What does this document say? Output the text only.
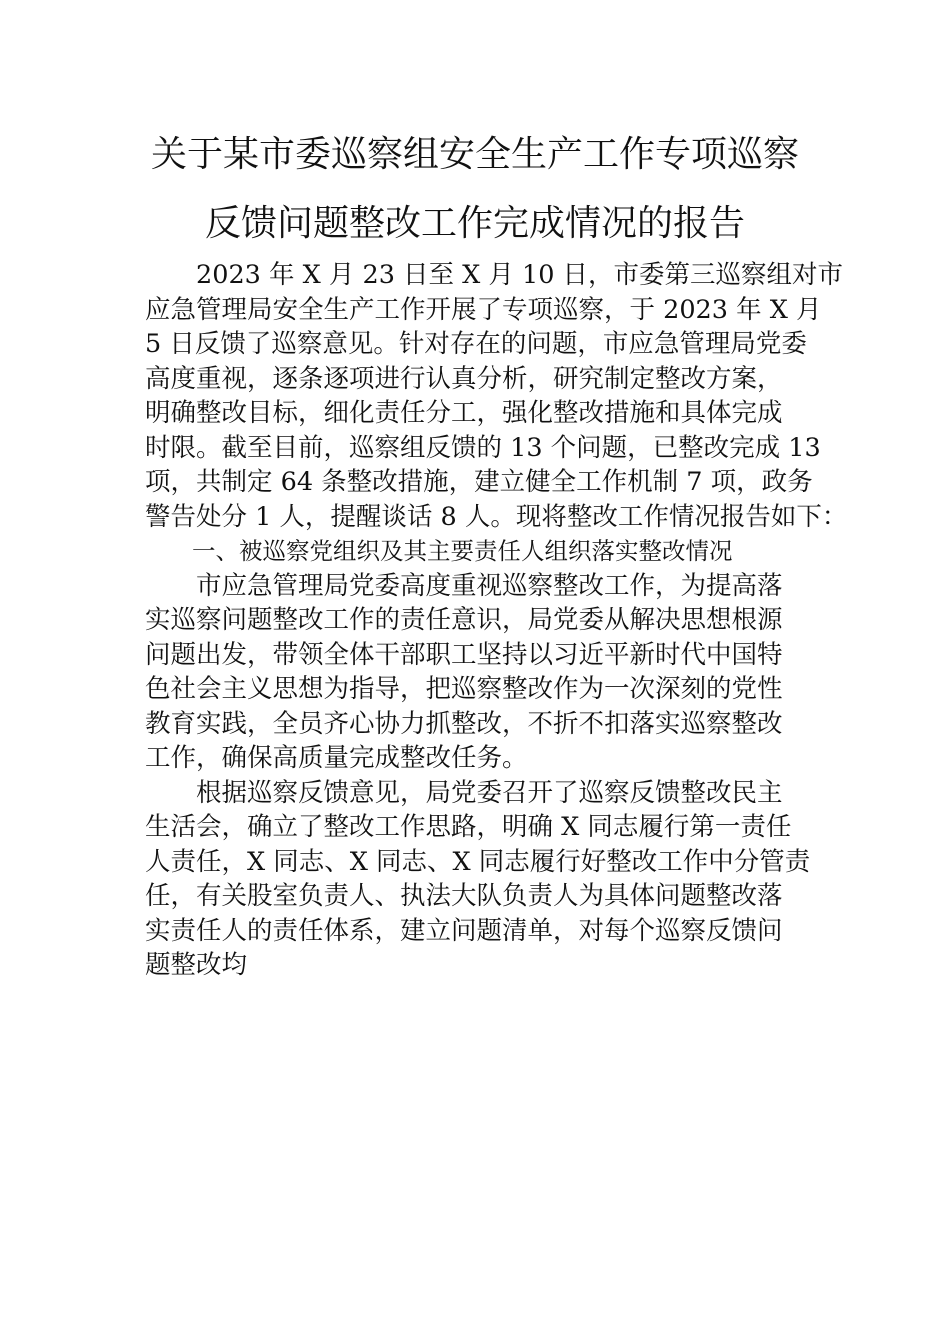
关于某市委巡察组安全生产工作专项巡察
反馈问题整改工作完成情况的报告
2023 年 X 月 23 日至 X 月 10 日，市委第三巡察组对市
应急管理局安全生产工作开展了专项巡察，于 2023 年 X 月
5 日反馈了巡察意见。针对存在的问题，市应急管理局党委
高度重视，逐条逐项进行认真分析，研究制定整改方案，
明确整改目标，细化责任分工，强化整改措施和具体完成
时限。截至目前，巡察组反馈的 13 个问题，已整改完成 13
项，共制定 64 条整改措施，建立健全工作机制 7 项，政务
警告处分 1 人，提醒谈话 8 人。现将整改工作情况报告如下：
一、被巡察党组织及其主要责任人组织落实整改情况
市应急管理局党委高度重视巡察整改工作，为提高落
实巡察问题整改工作的责任意识，局党委从解决思想根源
问题出发，带领全体干部职工坚持以习近平新时代中国特
色社会主义思想为指导，把巡察整改作为一次深刻的党性
教育实践，全员齐心协力抓整改，不折不扣落实巡察整改
工作，确保高质量完成整改任务。
根据巡察反馈意见，局党委召开了巡察反馈整改民主
生活会，确立了整改工作思路，明确 X 同志履行第一责任
人责任，X 同志、X 同志、X 同志履行好整改工作中分管责
任，有关股室负责人、执法大队负责人为具体问题整改落
实责任人的责任体系，建立问题清单，对每个巡察反馈问
题整改均
